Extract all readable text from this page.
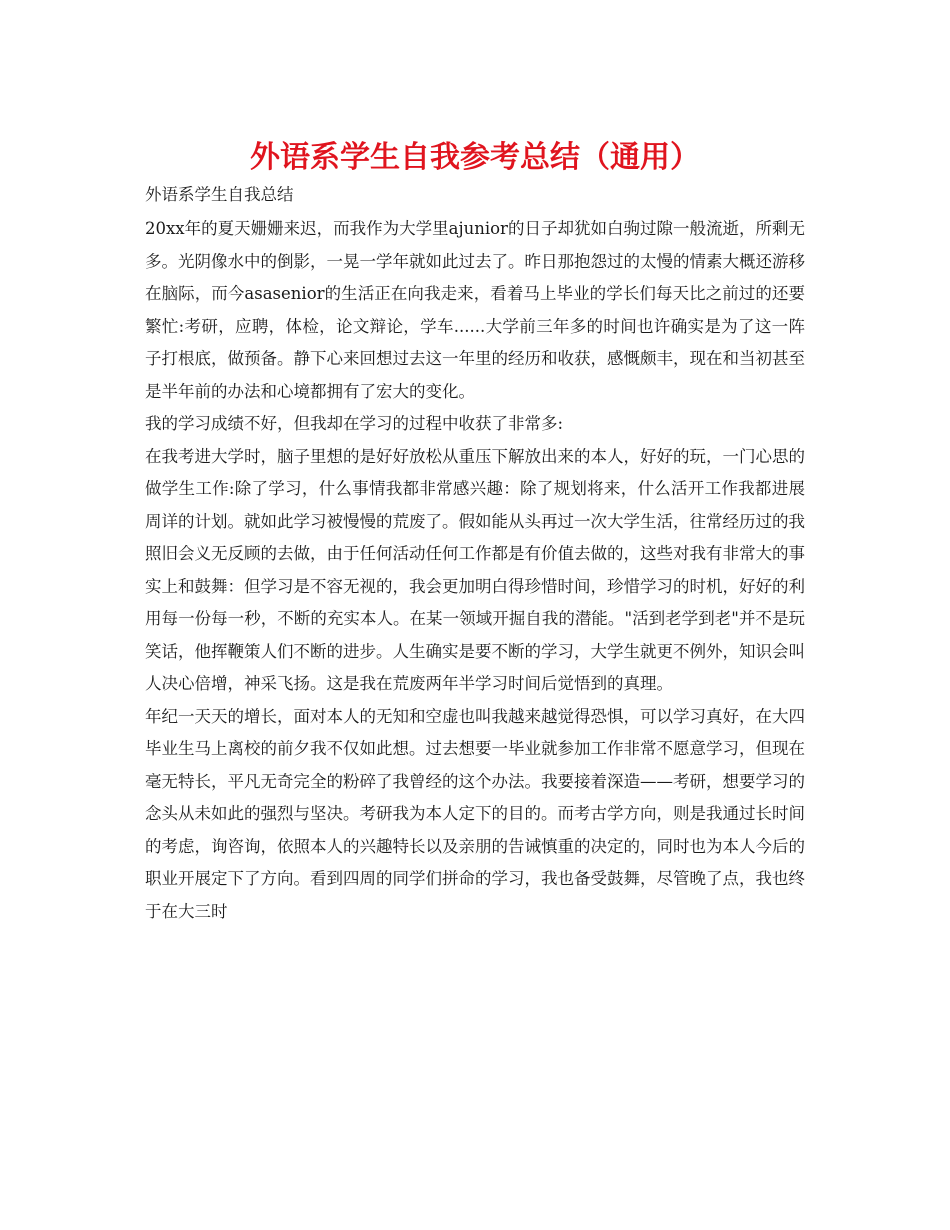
外语系学生自我参考总结（通用）

外语系学生自我总结

20xx年的夏天姗姗来迟，而我作为大学里ajunior的日子却犹如白驹过隙一般流逝，所剩无多。光阴像水中的倒影，一晃一学年就如此过去了。昨日那抱怨过的太慢的情素大概还游移在脑际，而今asasenior的生活正在向我走来，看着马上毕业的学长们每天比之前过的还要繁忙:考研，应聘，体检，论文辩论，学车......大学前三年多的时间也许确实是为了这一阵子打根底，做预备。静下心来回想过去这一年里的经历和收获，感慨颇丰，现在和当初甚至是半年前的办法和心境都拥有了宏大的变化。

我的学习成绩不好，但我却在学习的过程中收获了非常多:

在我考进大学时，脑子里想的是好好放松从重压下解放出来的本人，好好的玩，一门心思的做学生工作:除了学习，什么事情我都非常感兴趣：除了规划将来，什么活开工作我都进展周详的计划。就如此学习被慢慢的荒废了。假如能从头再过一次大学生活，往常经历过的我照旧会义无反顾的去做，由于任何活动任何工作都是有价值去做的，这些对我有非常大的事实上和鼓舞：但学习是不容无视的，我会更加明白得珍惜时间，珍惜学习的时机，好好的利用每一份每一秒，不断的充实本人。在某一领域开掘自我的潜能。"活到老学到老"并不是玩笑话，他挥鞭策人们不断的进步。人生确实是要不断的学习，大学生就更不例外，知识会叫人决心倍增，神采飞扬。这是我在荒废两年半学习时间后觉悟到的真理。

年纪一天天的增长，面对本人的无知和空虚也叫我越来越觉得恐惧，可以学习真好，在大四毕业生马上离校的前夕我不仅如此想。过去想要一毕业就参加工作非常不愿意学习，但现在毫无特长，平凡无奇完全的粉碎了我曾经的这个办法。我要接着深造——考研，想要学习的念头从未如此的强烈与坚决。考研我为本人定下的目的。而考古学方向，则是我通过长时间的考虑，询咨询，依照本人的兴趣特长以及亲朋的告诫慎重的决定的，同时也为本人今后的职业开展定下了方向。看到四周的同学们拼命的学习，我也备受鼓舞，尽管晚了点，我也终于在大三时
